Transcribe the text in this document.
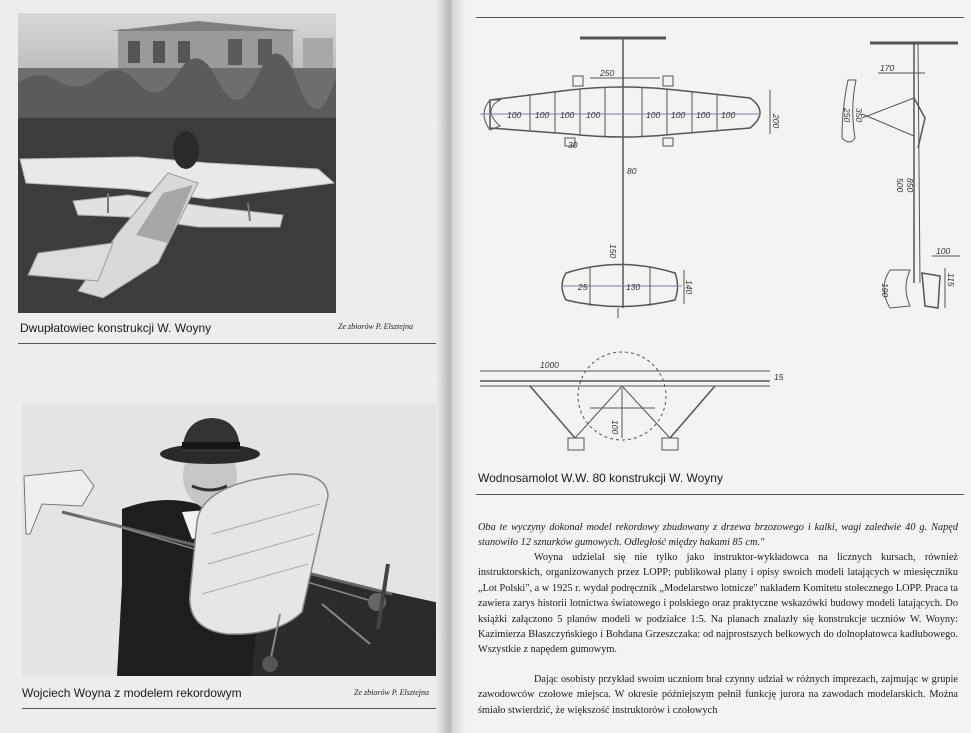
Dwupłatowiec konstrukcji W. Woyny	Ze zbiorów P. Elsztejna
Wojciech Woyna z modelem rekordowym	Ze zbiorów P. Elsztejna
100 100 100 100	100 100 100 100
250
200
30
80
150
130
25	140
170
250 350
500 850
100
190
115
1000
15
100
Wodnosamolot W.W. 80 konstrukcji W. Woyny

Oba te wyczyny dokonał model rekordowy zbudowany z drzewa brzozowego i kalki, wagi zaledwie 40 g. Napęd stanowiło 12 sznurków gumowych. Odległość między hakami 85 cm."

Woyna udzielał się nie tylko jako instruktor-wykładowca na licznych kursach, również instruktorskich, organizowanych przez LOPP; publikował plany i opisy swoich modeli latających w miesięczniku „Lot Polski", a w 1925 r. wydał podręcznik „Modelarstwo lotnicze" nakładem Komitetu stołecznego LOPP. Praca ta zawiera zarys historii lotnictwa światowego i polskiego oraz praktyczne wskazówki budowy modeli latających. Do książki załączono 5 planów modeli w podziałce 1:5. Na planach znalazły się konstrukcje uczniów W. Woyny: Kazimierza Błaszczyńskiego i Bohdana Grzeszczaka: od najprostszych belkowych do dolnopłatowca kadłubowego. Wszystkie z napędem gumowym.

Dając osobisty przykład swoim uczniom brał czynny udział w różnych imprezach, zajmując w grupie zawodowców czołowe miejsca. W okresie późniejszym pełnił funkcję jurora na zawodach modelarskich. Można śmiało stwierdzić, że większość instruktorów i czołowych
